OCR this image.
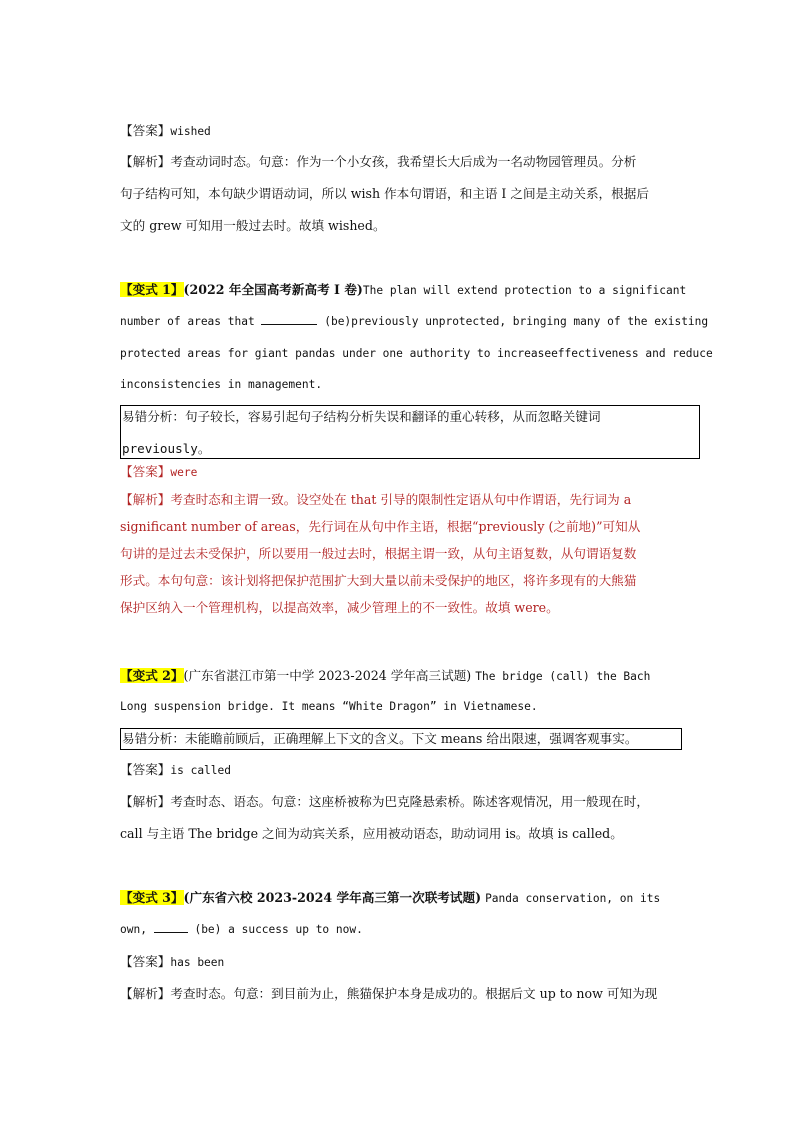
【答案】wished
【解析】考查动词时态。句意：作为一个小女孩，我希望长大后成为一名动物园管理员。分析
句子结构可知，本句缺少谓语动词，所以 wish 作本句谓语，和主语 I 之间是主动关系，根据后
文的 grew 可知用一般过去时。故填 wished。
【变式 1】(2022 年全国高考新高考 I 卷)The plan will extend protection to a significant
number of areas that	(be)previously unprotected, bringing many of the existing
protected areas for giant pandas under one authority to increaseeffectiveness and reduce
inconsistencies in management.
易错分析：句子较长，容易引起句子结构分析失误和翻译的重心转移，从而忽略关键词
previously。
【答案】were
【解析】考查时态和主谓一致。设空处在 that 引导的限制性定语从句中作谓语，先行词为 a
significant number of areas，先行词在从句中作主语，根据“previously (之前地)”可知从
句讲的是过去未受保护，所以要用一般过去时，根据主谓一致，从句主语复数，从句谓语复数
形式。本句句意：该计划将把保护范围扩大到大量以前未受保护的地区，将许多现有的大熊猫
保护区纳入一个管理机构，以提高效率，减少管理上的不一致性。故填 were。
【变式 2】(广东省湛江市第一中学 2023-2024 学年高三试题) The bridge (call) the Bach
Long suspension bridge. It means “White Dragon” in Vietnamese.
易错分析：未能瞻前顾后，正确理解上下文的含义。下文 means 给出限速，强调客观事实。
【答案】is called
【解析】考查时态、语态。句意：这座桥被称为巴克隆悬索桥。陈述客观情况，用一般现在时，
call 与主语 The bridge 之间为动宾关系，应用被动语态，助动词用 is。故填 is called。
【变式 3】(广东省六校 2023-2024 学年高三第一次联考试题) Panda conservation, on its
own,	(be) a success up to now.
【答案】has been
【解析】考查时态。句意：到目前为止，熊猫保护本身是成功的。根据后文 up to now 可知为现
